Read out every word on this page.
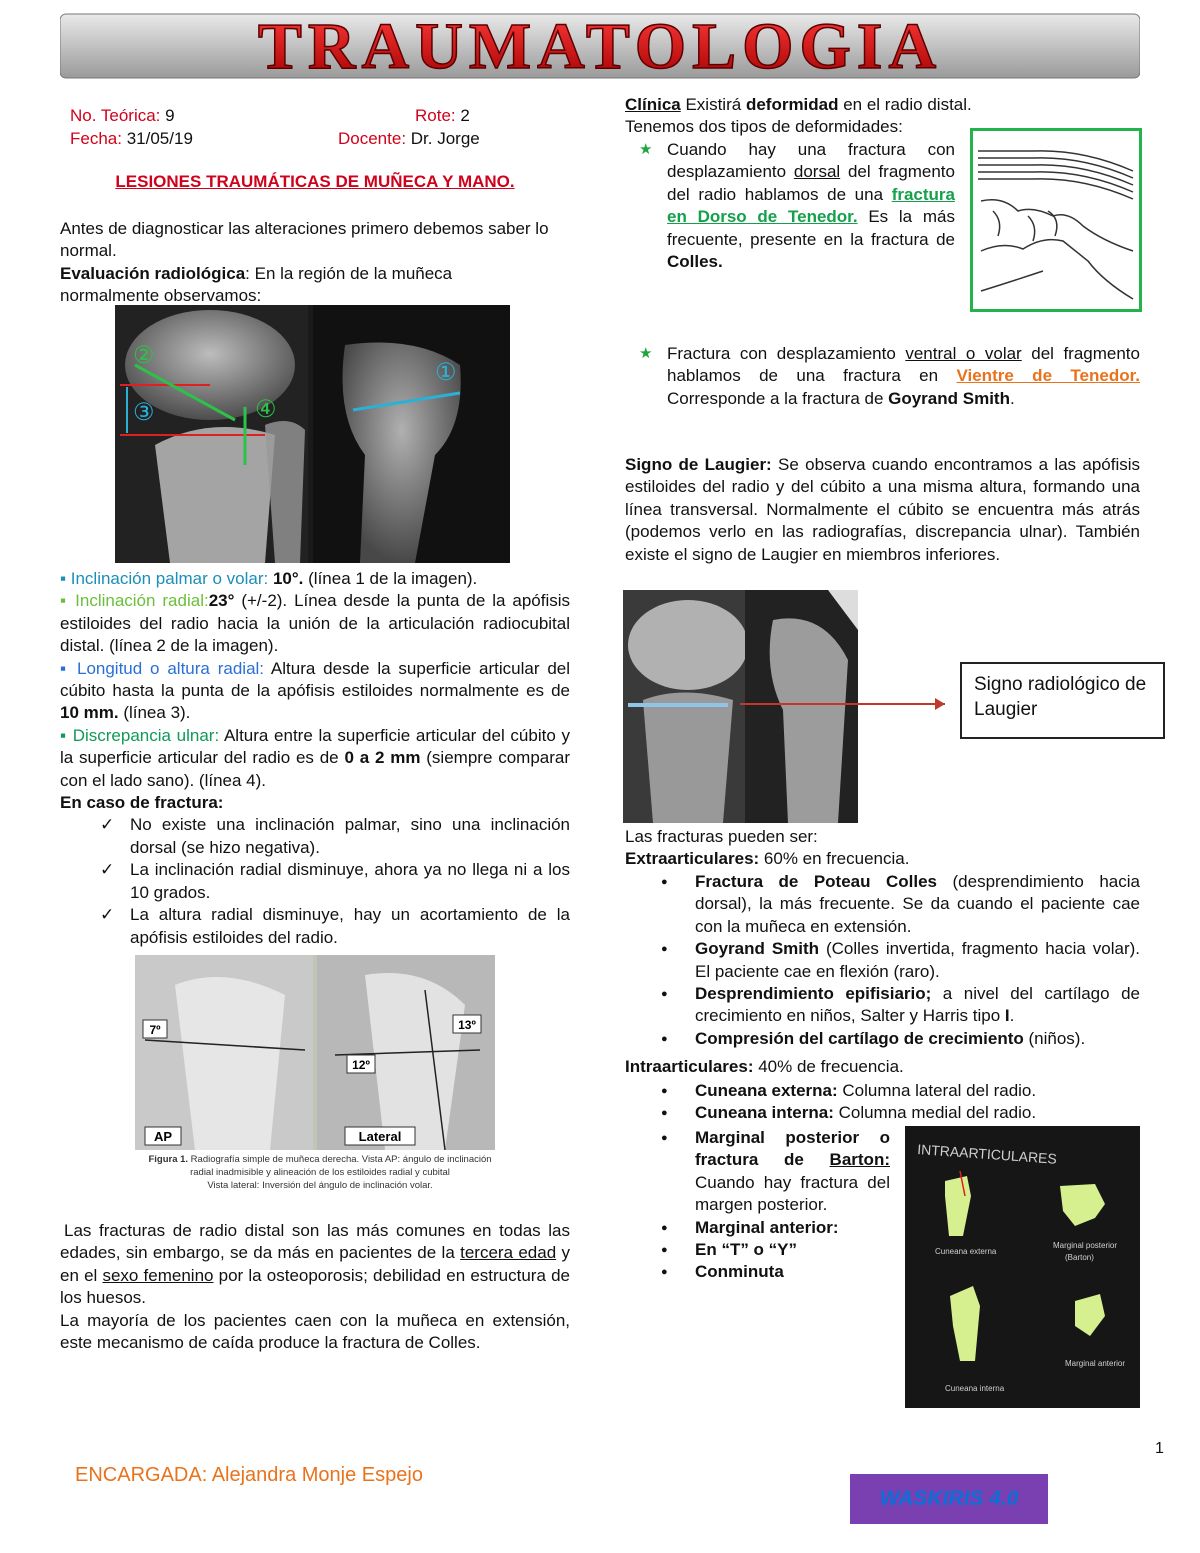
TRAUMATOLOGIA
No. Teórica: 9	Rote: 2
Fecha: 31/05/19	Docente: Dr. Jorge
LESIONES TRAUMÁTICAS DE MUÑECA Y MANO.
Antes de diagnosticar las alteraciones primero debemos saber lo normal.
Evaluación radiológica: En la región de la muñeca normalmente observamos:
②
③	④
①
▪ Inclinación palmar o volar: 10°. (línea 1 de la imagen).
▪ Inclinación radial:23° (+/-2). Línea desde la punta de la apófisis estiloides del radio hacia la unión de la articulación radiocubital distal. (línea 2 de la imagen).
▪ Longitud o altura radial: Altura desde la superficie articular del cúbito hasta la punta de la apófisis estiloides normalmente es de 10 mm. (línea 3).
▪ Discrepancia ulnar: Altura entre la superficie articular del cúbito y la superficie articular del radio es de 0 a 2 mm (siempre comparar con el lado sano). (línea 4).
En caso de fractura:
✓ No existe una inclinación palmar, sino una inclinación dorsal (se hizo negativa).
✓ La inclinación radial disminuye, ahora ya no llega ni a los 10 grados.
✓ La altura radial disminuye, hay un acortamiento de la apófisis estiloides del radio.
7º	13º
12º
AP	Lateral
Figura 1. Radiografía simple de muñeca derecha. Vista AP: ángulo de inclinación
radial inadmisible y alineación de los estiloides radial y cubital
Vista lateral: Inversión del ángulo de inclinación volar.
Las fracturas de radio distal son las más comunes en todas las edades, sin embargo, se da más en pacientes de la tercera edad y en el sexo femenino por la osteoporosis; debilidad en estructura de los huesos.
La mayoría de los pacientes caen con la muñeca en extensión, este mecanismo de caída produce la fractura de Colles.
Clínica Existirá deformidad en el radio distal.
Tenemos dos tipos de deformidades:
★ Cuando hay una fractura con desplazamiento dorsal del fragmento del radio hablamos de una fractura en Dorso de Tenedor. Es la más frecuente, presente en la fractura de Colles.
★ Fractura con desplazamiento ventral o volar del fragmento hablamos de una fractura en Vientre de Tenedor. Corresponde a la fractura de Goyrand Smith.
Signo de Laugier: Se observa cuando encontramos a las apófisis estiloides del radio y del cúbito a una misma altura, formando una línea transversal. Normalmente el cúbito se encuentra más atrás (podemos verlo en las radiografías, discrepancia ulnar). También existe el signo de Laugier en miembros inferiores.
Signo radiológico de Laugier
Las fracturas pueden ser:
Extraarticulares: 60% en frecuencia.
● Fractura de Poteau Colles (desprendimiento hacia dorsal), la más frecuente. Se da cuando el paciente cae con la muñeca en extensión.
● Goyrand Smith (Colles invertida, fragmento hacia volar). El paciente cae en flexión (raro).
● Desprendimiento epifisiario; a nivel del cartílago de crecimiento en niños, Salter y Harris tipo I.
● Compresión del cartílago de crecimiento (niños).
Intraarticulares: 40% de frecuencia.
● Cuneana externa: Columna lateral del radio.
● Cuneana interna: Columna medial del radio.
● Marginal posterior o fractura de Barton: Cuando hay fractura del margen posterior.
● Marginal anterior:
● En “T” o “Y”
● Conminuta
INTRAARTICULARES
Cuneana externa
Marginal posterior
(Barton)
Cuneana interna
Marginal anterior
1
ENCARGADA: Alejandra Monje Espejo
WASKIRIS 4.0
